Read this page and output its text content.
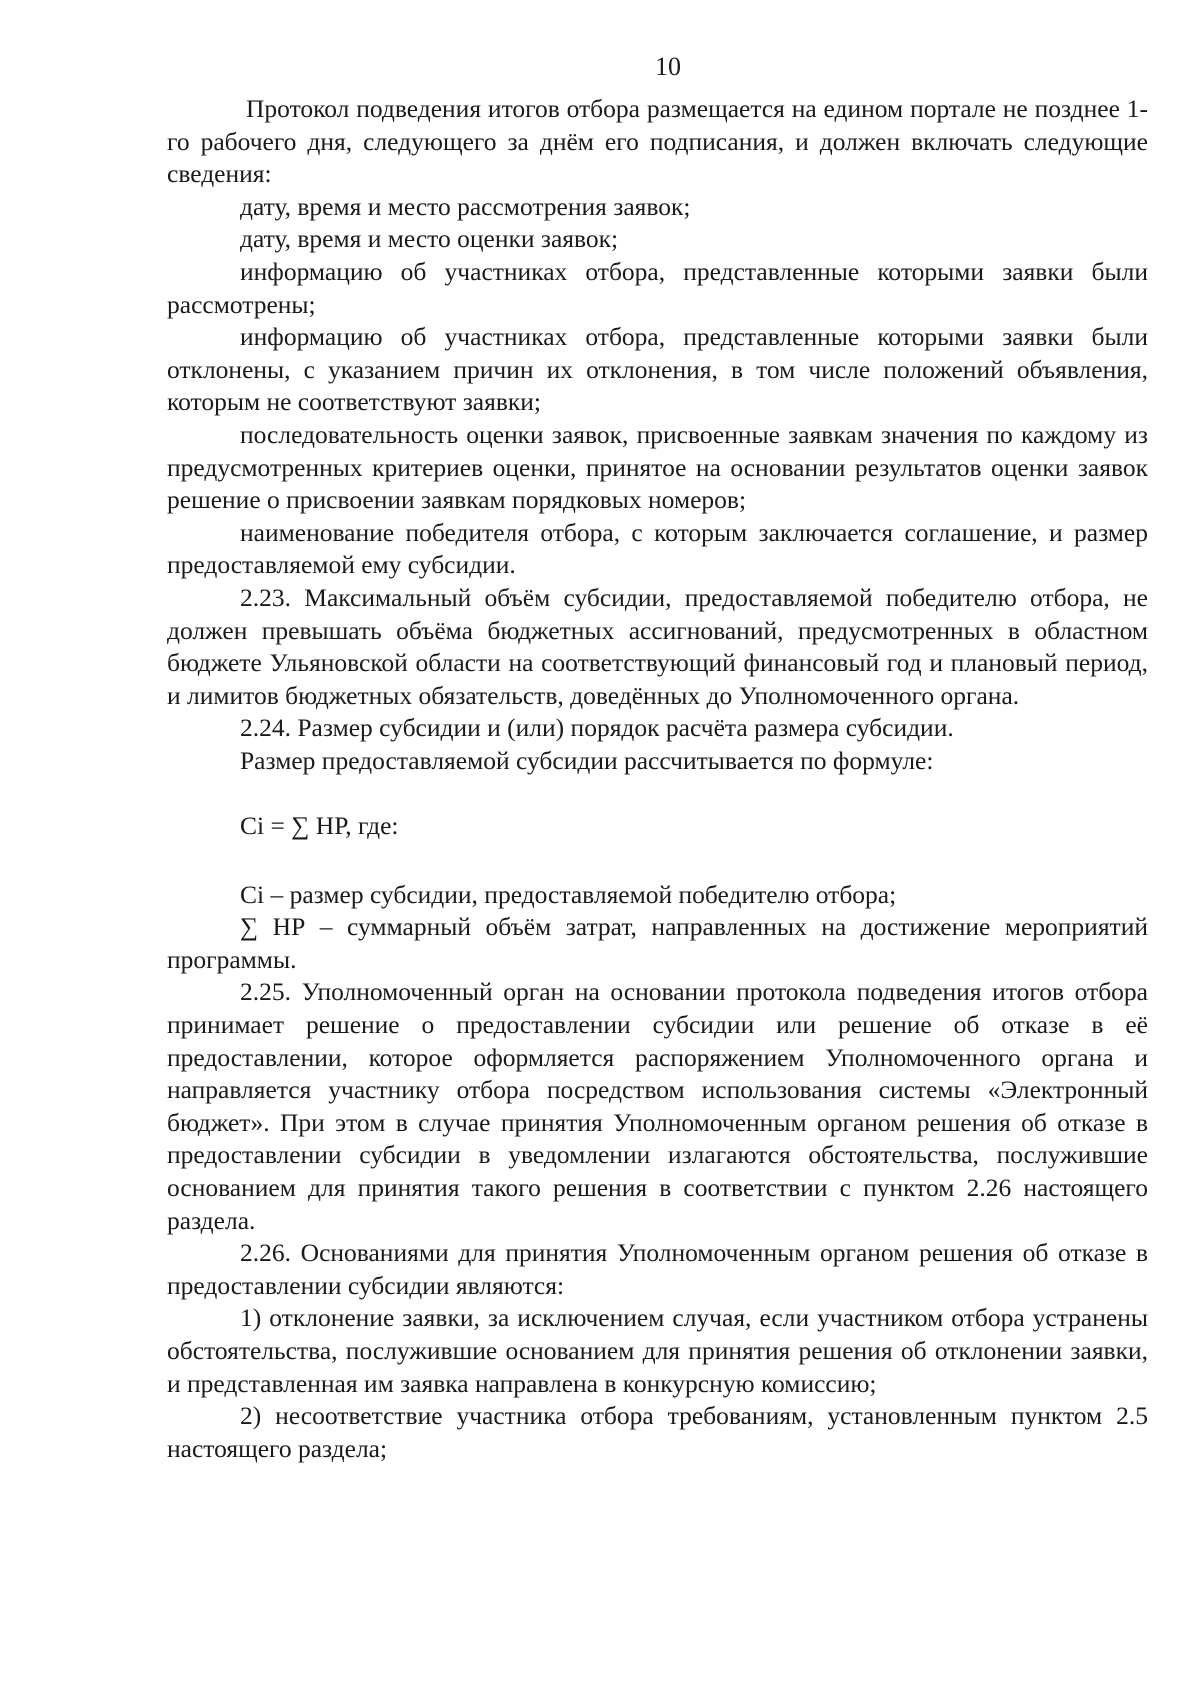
10

Протокол подведения итогов отбора размещается на едином портале не позднее 1-го рабочего дня, следующего за днём его подписания, и должен включать следующие сведения:

дату, время и место рассмотрения заявок;

дату, время и место оценки заявок;

информацию об участниках отбора, представленные которыми заявки были рассмотрены;

информацию об участниках отбора, представленные которыми заявки были отклонены, с указанием причин их отклонения, в том числе положений объявления, которым не соответствуют заявки;

последовательность оценки заявок, присвоенные заявкам значения по каждому из предусмотренных критериев оценки, принятое на основании результатов оценки заявок решение о присвоении заявкам порядковых номеров;

наименование победителя отбора, с которым заключается соглашение, и размер предоставляемой ему субсидии.

2.23. Максимальный объём субсидии, предоставляемой победителю отбора, не должен превышать объёма бюджетных ассигнований, предусмотренных в областном бюджете Ульяновской области на соответствующий финансовый год и плановый период, и лимитов бюджетных обязательств, доведённых до Уполномоченного органа.

2.24. Размер субсидии и (или) порядок расчёта размера субсидии.

Размер предоставляемой субсидии рассчитывается по формуле:

Ci = ∑ НР, где:

Ci – размер субсидии, предоставляемой победителю отбора;

∑ НР – суммарный объём затрат, направленных на достижение мероприятий программы.

2.25. Уполномоченный орган на основании протокола подведения итогов отбора принимает решение о предоставлении субсидии или решение об отказе в её предоставлении, которое оформляется распоряжением Уполномоченного органа и направляется участнику отбора посредством использования системы «Электронный бюджет». При этом в случае принятия Уполномоченным органом решения об отказе в предоставлении субсидии в уведомлении излагаются обстоятельства, послужившие основанием для принятия такого решения в соответствии с пунктом 2.26 настоящего раздела.

2.26. Основаниями для принятия Уполномоченным органом решения об отказе в предоставлении субсидии являются:

1) отклонение заявки, за исключением случая, если участником отбора устранены обстоятельства, послужившие основанием для принятия решения об отклонении заявки, и представленная им заявка направлена в конкурсную комиссию;

2) несоответствие участника отбора требованиям, установленным пунктом 2.5 настоящего раздела;
